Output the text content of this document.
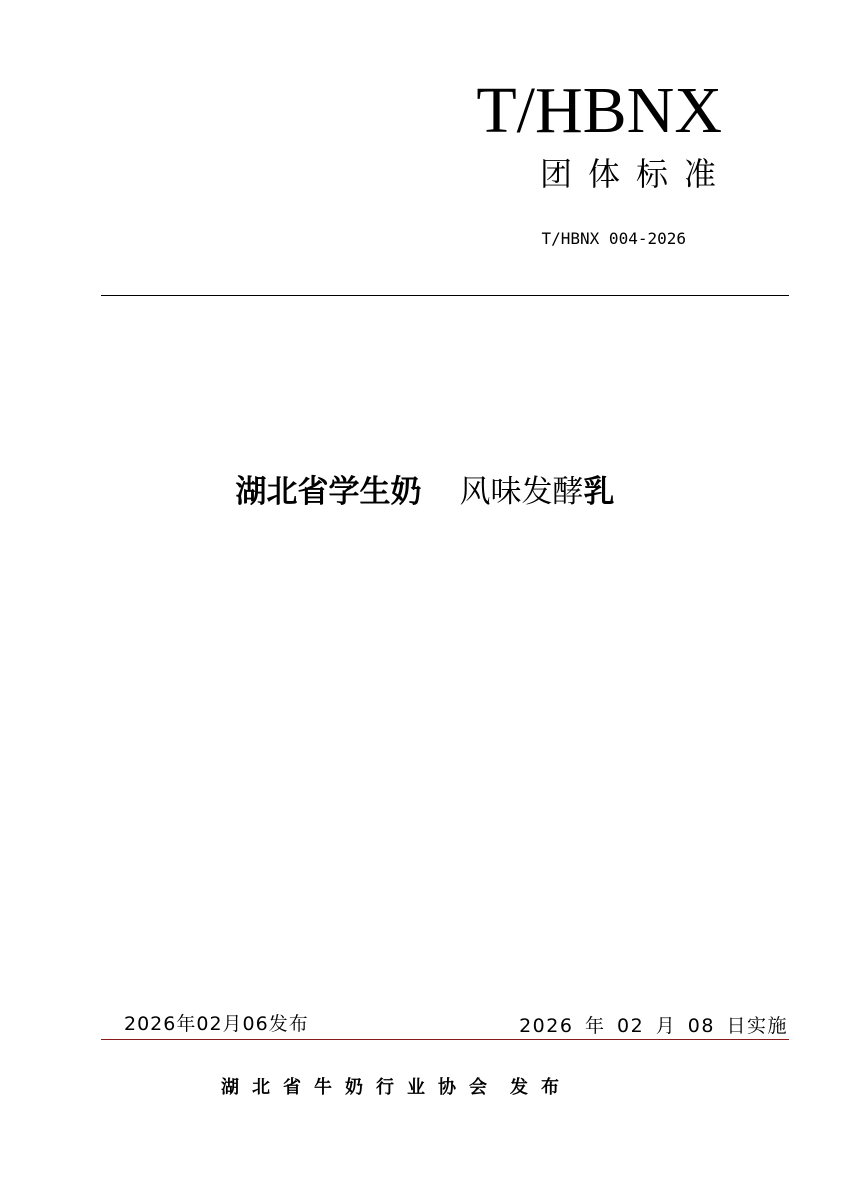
T/HBNX
团体标准
T/HBNX 004-2026
湖北省学生奶 风味发酵乳
2026年02月06发布	2026 年 02 月 08 日实施
湖北省牛奶行业协会 发布
